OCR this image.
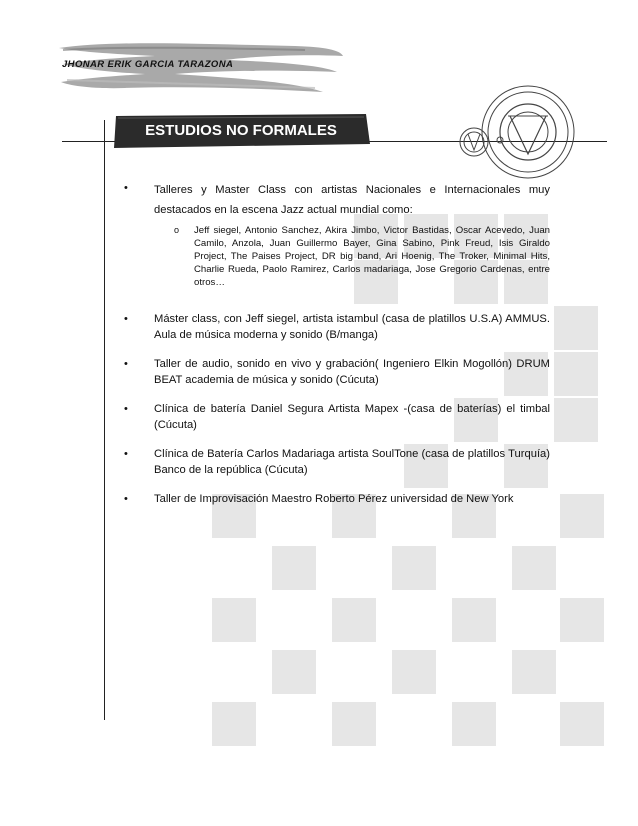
JHONAR ERIK GARCIA TARAZONA
ESTUDIOS NO FORMALES
• Talleres y Master Class con artistas Nacionales e Internacionales muy destacados en la escena Jazz actual mundial como:
o Jeff siegel, Antonio Sanchez, Akira Jimbo, Victor Bastidas, Oscar Acevedo, Juan Camilo, Anzola, Juan Guillermo Bayer, Gina Sabino, Pink Freud, Isis Giraldo Project, The Paises Project, DR big band, Ari Hoenig, The Troker, Minimal Hits, Charlie Rueda, Paolo Ramirez, Carlos madariaga, Jose Gregorio Cardenas, entre otros…
• Máster class, con Jeff siegel, artista istambul (casa de platillos U.S.A) AMMUS. Aula de música moderna y sonido (B/manga)
• Taller de audio, sonido en vivo y grabación( Ingeniero Elkin Mogollón) DRUM BEAT academia de música y sonido (Cúcuta)
• Clínica de batería Daniel Segura Artista Mapex -(casa de baterías) el timbal (Cúcuta)
• Clínica de Batería Carlos Madariaga artista SoulTone (casa de platillos Turquía) Banco de la república (Cúcuta)
• Taller de Improvisación Maestro Roberto Pérez universidad de New York
